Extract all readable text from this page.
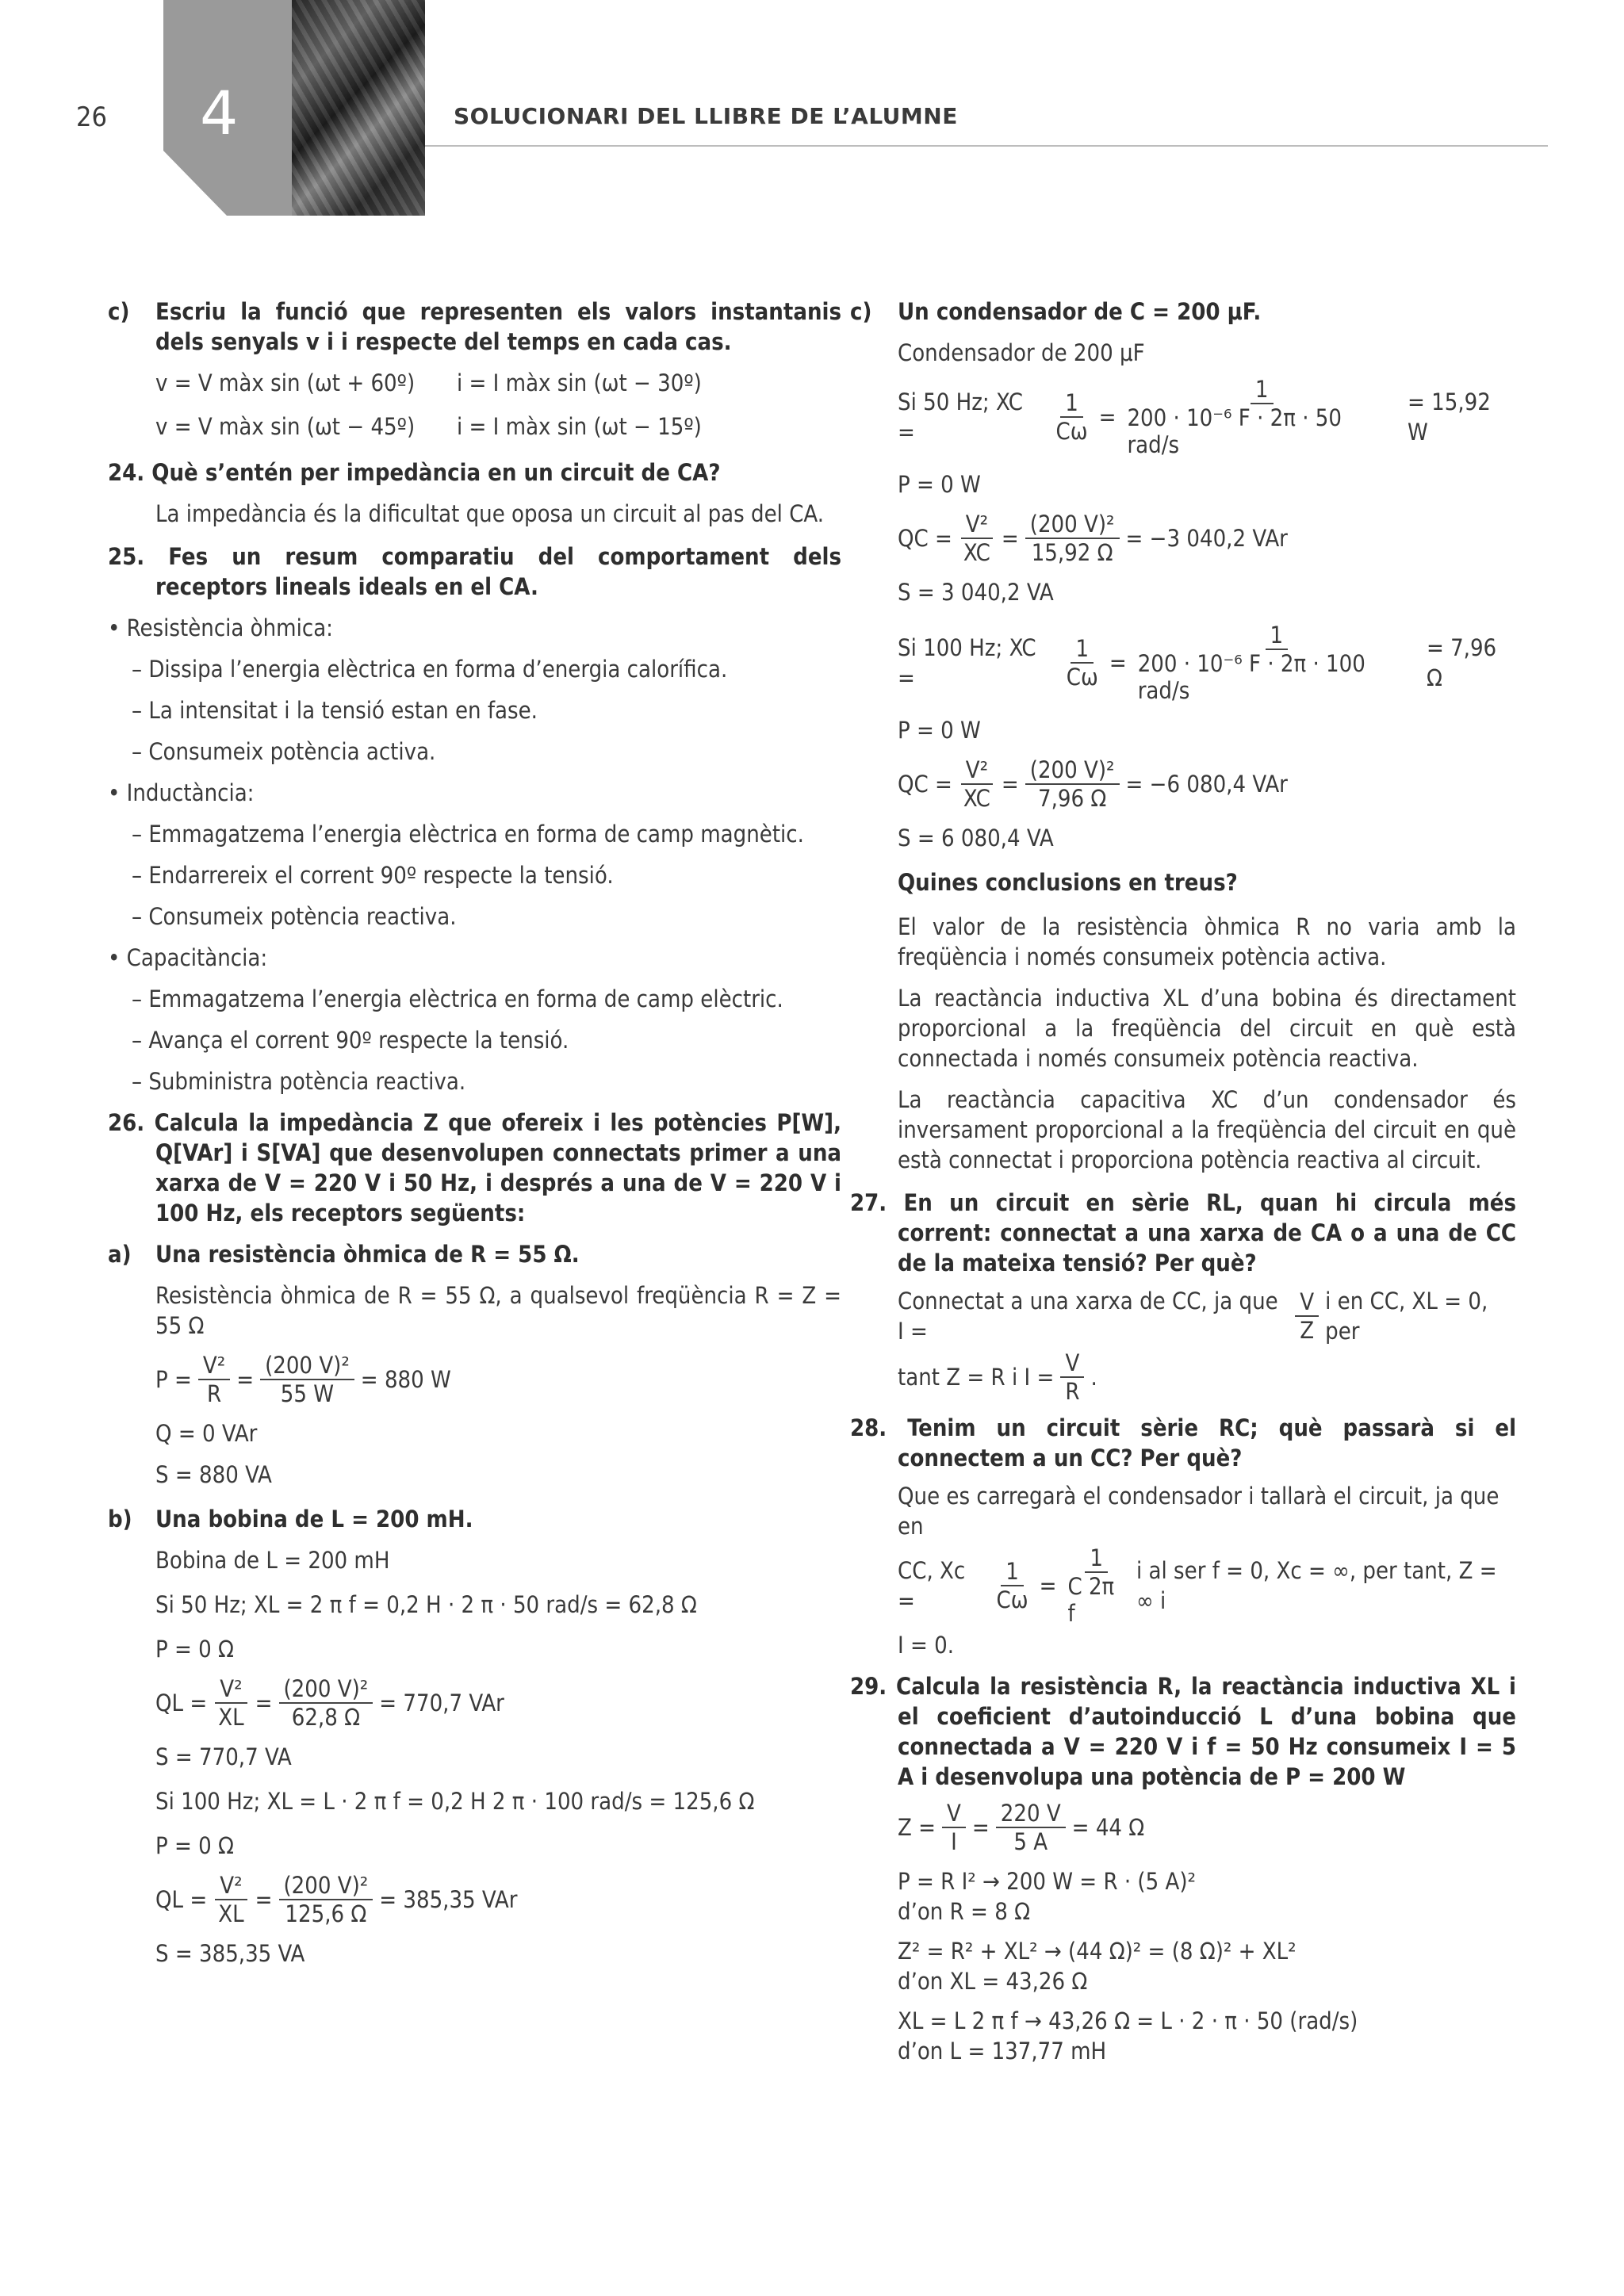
26 4	SOLUCIONARI DEL LLIBRE DE L’ALUMNE
c) Escriu la funció que representen els valors instantanis dels senyals v i i respecte del temps en cada cas.

v = V màx sin (ωt + 60º)	i = I màx sin (ωt − 30º)
v = V màx sin (ωt − 45º)	i = I màx sin (ωt − 15º)

24. Què s’entén per impedància en un circuit de CA?

La impedància és la dificultat que oposa un circuit al pas del CA.

25. Fes un resum comparatiu del comportament dels receptors lineals ideals en el CA.

• Resistència òhmica:

– Dissipa l’energia elèctrica en forma d’energia calorífica.

– La intensitat i la tensió estan en fase.

– Consumeix potència activa.

• Inductància:

– Emmagatzema l’energia elèctrica en forma de camp magnètic.

– Endarrereix el corrent 90º respecte la tensió.

– Consumeix potència reactiva.

• Capacitància:

– Emmagatzema l’energia elèctrica en forma de camp elèctric.

– Avança el corrent 90º respecte la tensió.

– Subministra potència reactiva.

26. Calcula la impedància Z que ofereix i les potències P[W], Q[VAr] i S[VA] que desenvolupen connectats primer a una xarxa de V = 220 V i 50 Hz, i després a una de V = 220 V i 100 Hz, els receptors següents:
a) Una resistència òhmica de R = 55 Ω.

Resistència òhmica de R = 55 Ω, a qualsevol freqüència R = Z = 55 Ω

$P = \frac{\text{V²}}{R} = \frac{\text{(200 V)²}}{55 W} = 880$ W

Q = 0 VAr

S = 880 VA

b) Una bobina de L = 200 mH.

Bobina de L = 200 mH

Si 50 Hz; XL = 2 π f = 0,2 H · 2 π · 50 rad/s = 62,8 Ω

P = 0 Ω

QL = $\frac{\text{V²}}{XL} = \frac{\text{(200 V)²}}{62,8 \Omega} = 770,7$ VAr

S = 770,7 VA

Si 100 Hz; XL = L · 2 π f = 0,2 H 2 π · 100 rad/s = 125,6 Ω

P = 0 Ω

QL = $\frac{\text{V²}}{XL} = \frac{\text{(200 V)²}}{125,6 \Omega} = 385,35$ VAr

S = 385,35 VA

c) Un condensador de C = 200 μF.

Condensador de 200 μF

Si 50 Hz; XC =	$\frac{1}{C\omega} = \frac{1}{\text{200 · 10⁻⁶ F · 2π · 50 rad/s}} = 15,92$ W

P = 0 W

QC = $\frac{\text{V²}}{XC} = \frac{\text{(200 V)²}}{15,92 \Omega} = -3$ 040,2 VAr

S = 3 040,2 VA

Si 100 Hz; XC =	$\frac{1}{C\omega} = \frac{1}{\text{200 · 10⁻⁶ F · 2π · 100 rad/s}} = 7,96$ Ω

P = 0 W

QC = $\frac{\text{V²}}{XC} = \frac{\text{(200 V)²}}{7,96 \Omega} = -6$ 080,4 VAr

S = 6 080,4 VA

Quines conclusions en treus?

El valor de la resistència òhmica R no varia amb la freqüència i només consumeix potència activa.

La reactància inductiva XL d’una bobina és directament proporcional a la freqüència del circuit en què està connectada i només consumeix potència reactiva.

La reactància capacitiva XC d’un condensador és inversament proporcional a la freqüència del circuit en què està connectat i proporciona potència reactiva al circuit.

27. En un circuit en sèrie RL, quan hi circula més corrent: connectat a una xarxa de CA o a una de CC de la mateixa tensió? Per què?
Connectat a una xarxa de CC, ja que I =	$\frac{V}{Z}$ i en CC, XL = 0, per
tant Z = R i $I = \frac{V}{R}$ .
28. Tenim un circuit sèrie RC; què passarà si el connectem a un CC? Per què?

Que es carregarà el condensador i tallarà el circuit, ja que en

CC, Xc =	$\frac{1}{C\omega} = \frac{1}{\text{C 2π f}}$ i al ser f = 0, Xc = ∞, per tant, Z = ∞ i

I = 0.

29. Calcula la resistència R, la reactància inductiva XL i el coeficient d’autoinducció L d’una bobina que connectada a V = 220 V i f = 50 Hz consumeix I = 5 A i desenvolupa una potència de P = 200 W
$Z = \frac{V}{I} = \frac{220 V}{5 A} = 44$ Ω

P = R I² → 200 W = R · (5 A)²

d’on R = 8 Ω

Z² = R² + XL² → (44 Ω)² = (8 Ω)² + XL²

d’on XL = 43,26 Ω

XL = L 2 π f → 43,26 Ω = L · 2 · π · 50 (rad/s)

d’on L = 137,77 mH
